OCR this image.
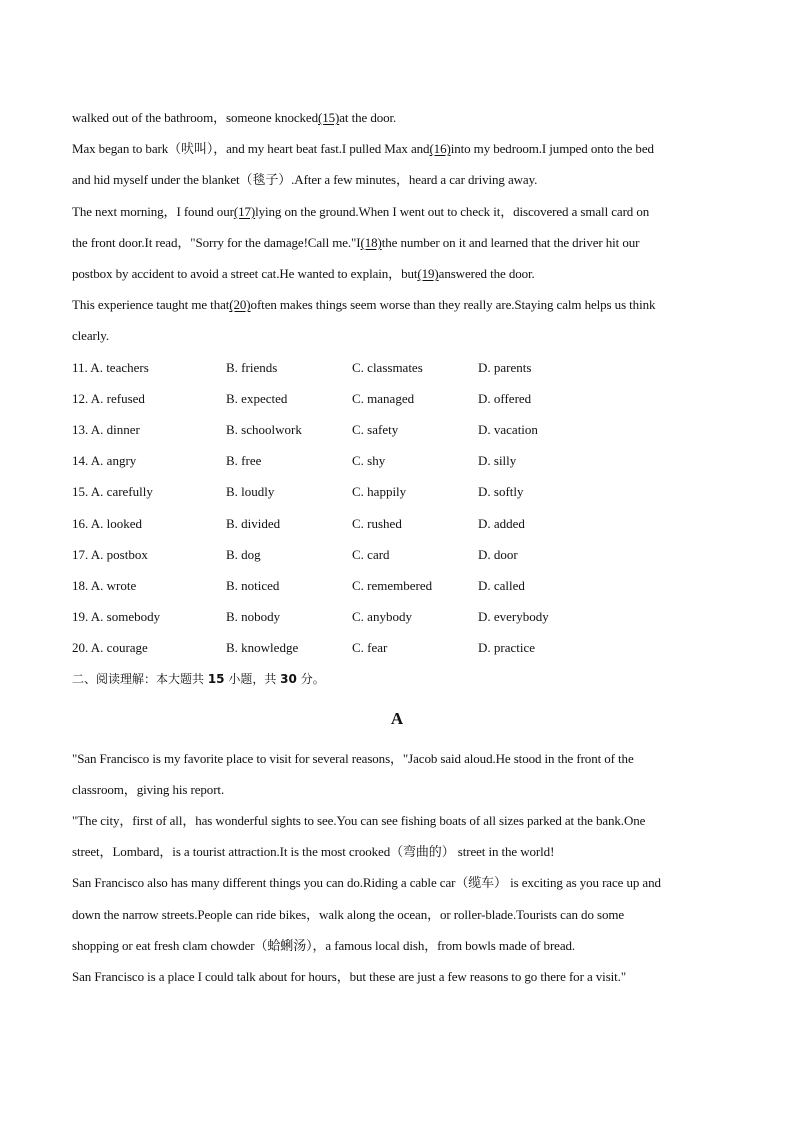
walked out of the bathroom，someone knocked(15)at the door.
Max began to bark（吠叫），and my heart beat fast.I pulled Max and(16)into my bedroom.I jumped onto the bed
and hid myself under the blanket（毯子）.After a few minutes，heard a car driving away.
The next morning，I found our(17)lying on the ground.When I went out to check it，discovered a small card on
the front door.It read，"Sorry for the damage!Call me."I(18)the number on it and learned that the driver hit our
postbox by accident to avoid a street cat.He wanted to explain，but(19)answered the door.
This experience taught me that(20)often makes things seem worse than they really are.Staying calm helps us think
clearly.
11. A. teachers	B. friends	C. classmates	D. parents
12. A. refused	B. expected	C. managed	D. offered
13. A. dinner	B. schoolwork	C. safety	D. vacation
14. A. angry	B. free	C. shy	D. silly
15. A. carefully	B. loudly	C. happily	D. softly
16. A. looked	B. divided	C. rushed	D. added
17. A. postbox	B. dog	C. card	D. door
18. A. wrote	B. noticed	C. remembered	D. called
19. A. somebody	B. nobody	C. anybody	D. everybody
20. A. courage	B. knowledge	C. fear	D. practice
二、阅读理解：本大题共 15 小题，共 30 分。
A
"San Francisco is my favorite place to visit for several reasons，"Jacob said aloud.He stood in the front of the
classroom，giving his report.
"The city，first of all，has wonderful sights to see.You can see fishing boats of all sizes parked at the bank.One
street，Lombard，is a tourist attraction.It is the most crooked（弯曲的） street in the world!
San Francisco also has many different things you can do.Riding a cable car（缆车） is exciting as you race up and
down the narrow streets.People can ride bikes，walk along the ocean，or roller-blade.Tourists can do some
shopping or eat fresh clam chowder（蛤蜊汤），a famous local dish，from bowls made of bread.
San Francisco is a place I could talk about for hours，but these are just a few reasons to go there for a visit."
